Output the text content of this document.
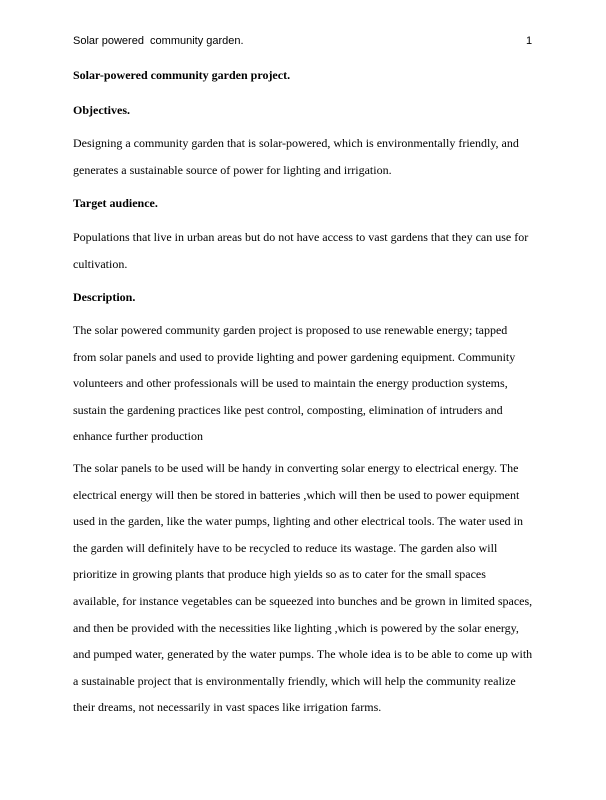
Solar powered  community garden.	1
Solar-powered community garden project.
Objectives.

Designing a community garden that is solar-powered, which is environmentally friendly, and generates a sustainable source of power for lighting and irrigation.

Target audience.

Populations that live in urban areas but do not have access to vast gardens that they can use for cultivation.

Description.

The solar powered community garden project is proposed to use renewable energy; tapped from solar panels and used to provide lighting and power gardening equipment. Community volunteers and other professionals will be used to maintain the energy production systems, sustain the gardening practices like pest control, composting, elimination of intruders and enhance further production

The solar panels to be used will be handy in converting solar energy to electrical energy. The electrical energy will then be stored in batteries ,which will then be used to power equipment used in the garden, like the water pumps, lighting and other electrical tools. The water used in the garden will definitely have to be recycled to reduce its wastage. The garden also will prioritize in growing plants that produce high yields so as to cater for the small spaces available, for instance vegetables can be squeezed into bunches and be grown in limited spaces, and then be provided with the necessities like lighting ,which is powered by the solar energy, and pumped water, generated by the water pumps. The whole idea is to be able to come up with a sustainable project that is environmentally friendly, which will help the community realize their dreams, not necessarily in vast spaces like irrigation farms.
